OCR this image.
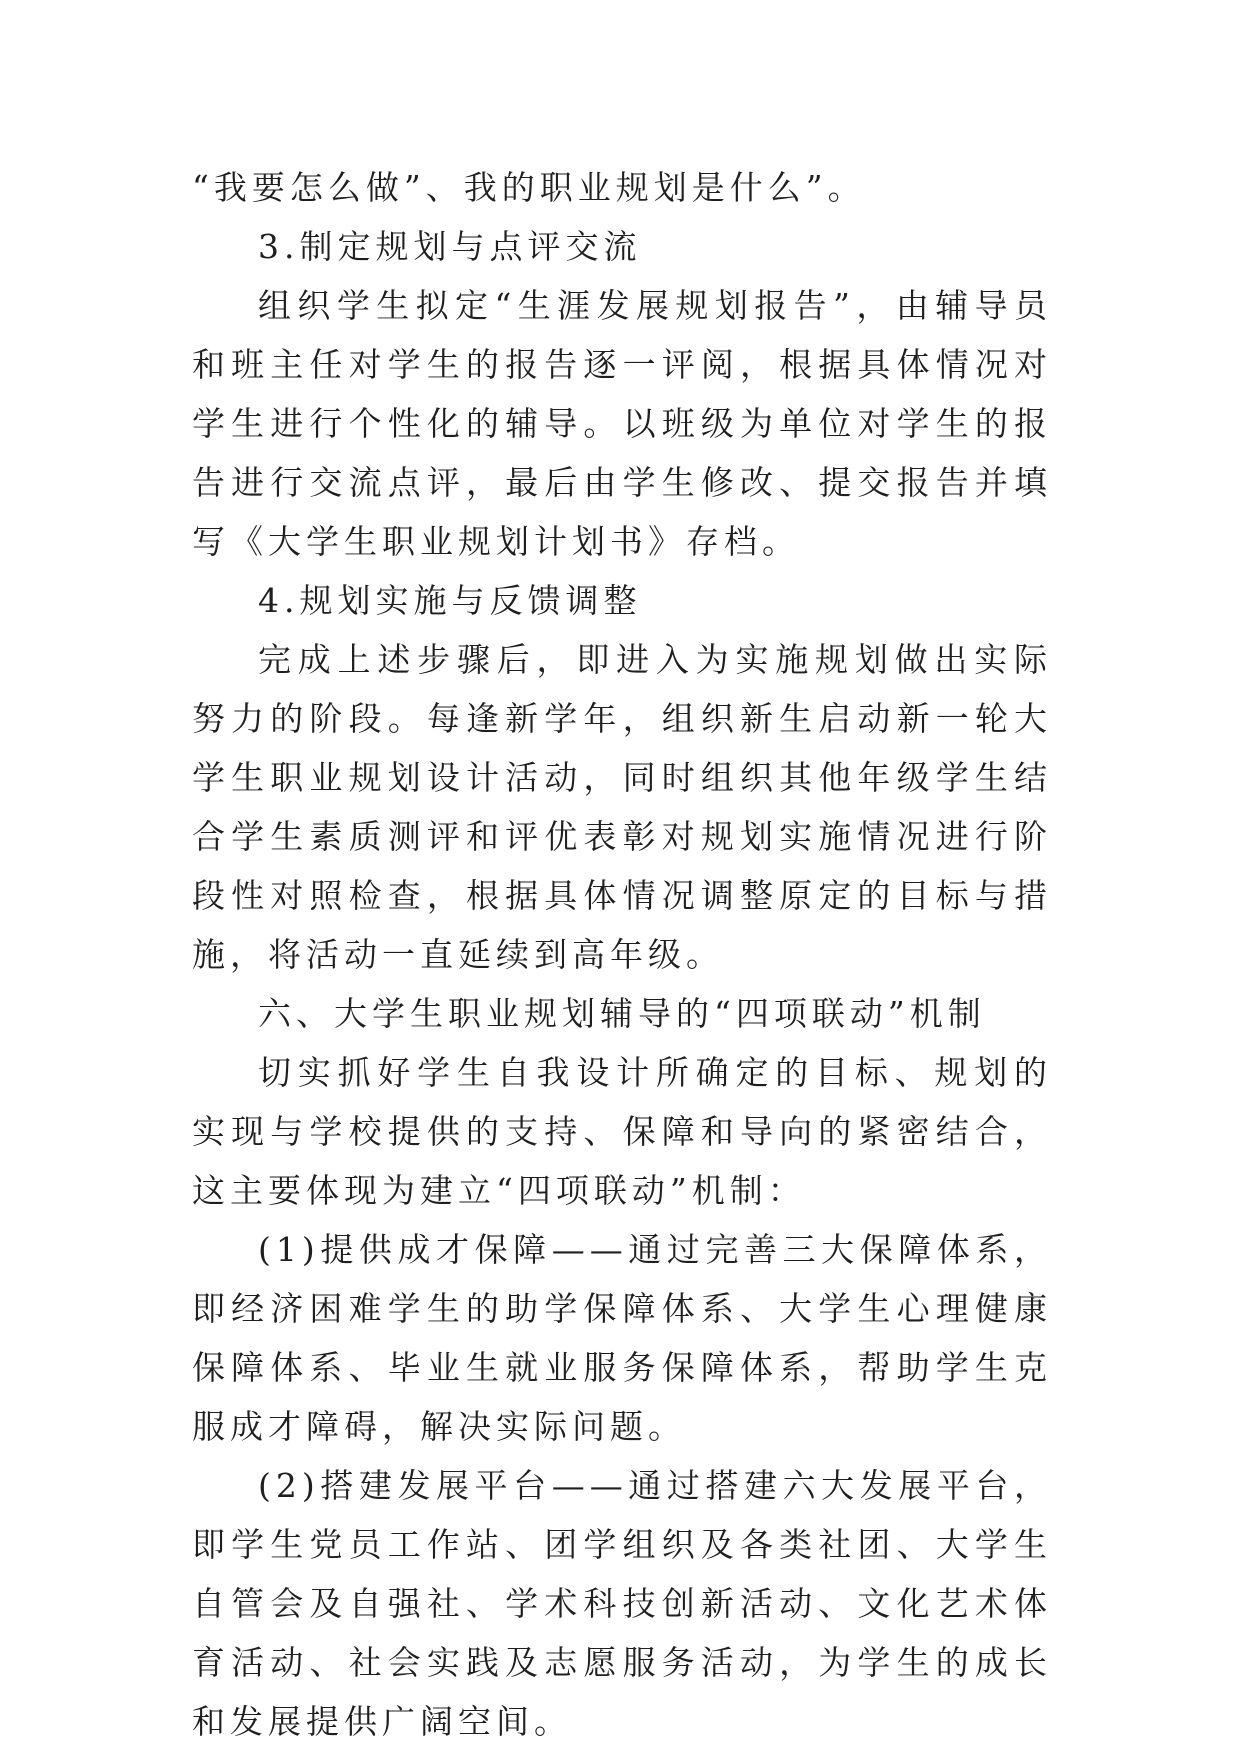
“我要怎么做”、我的职业规划是什么”。

3.制定规划与点评交流

组织学生拟定“生涯发展规划报告”，由辅导员和班主任对学生的报告逐一评阅，根据具体情况对学生进行个性化的辅导。以班级为单位对学生的报告进行交流点评，最后由学生修改、提交报告并填写《大学生职业规划计划书》存档。

4.规划实施与反馈调整

完成上述步骤后，即进入为实施规划做出实际努力的阶段。每逢新学年，组织新生启动新一轮大学生职业规划设计活动，同时组织其他年级学生结合学生素质测评和评优表彰对规划实施情况进行阶段性对照检查，根据具体情况调整原定的目标与措施，将活动一直延续到高年级。

六、大学生职业规划辅导的“四项联动”机制

切实抓好学生自我设计所确定的目标、规划的实现与学校提供的支持、保障和导向的紧密结合，这主要体现为建立“四项联动”机制：

(1)提供成才保障——通过完善三大保障体系，即经济困难学生的助学保障体系、大学生心理健康保障体系、毕业生就业服务保障体系，帮助学生克服成才障碍，解决实际问题。

(2)搭建发展平台——通过搭建六大发展平台，即学生党员工作站、团学组织及各类社团、大学生自管会及自强社、学术科技创新活动、文化艺术体育活动、社会实践及志愿服务活动，为学生的成长和发展提供广阔空间。
